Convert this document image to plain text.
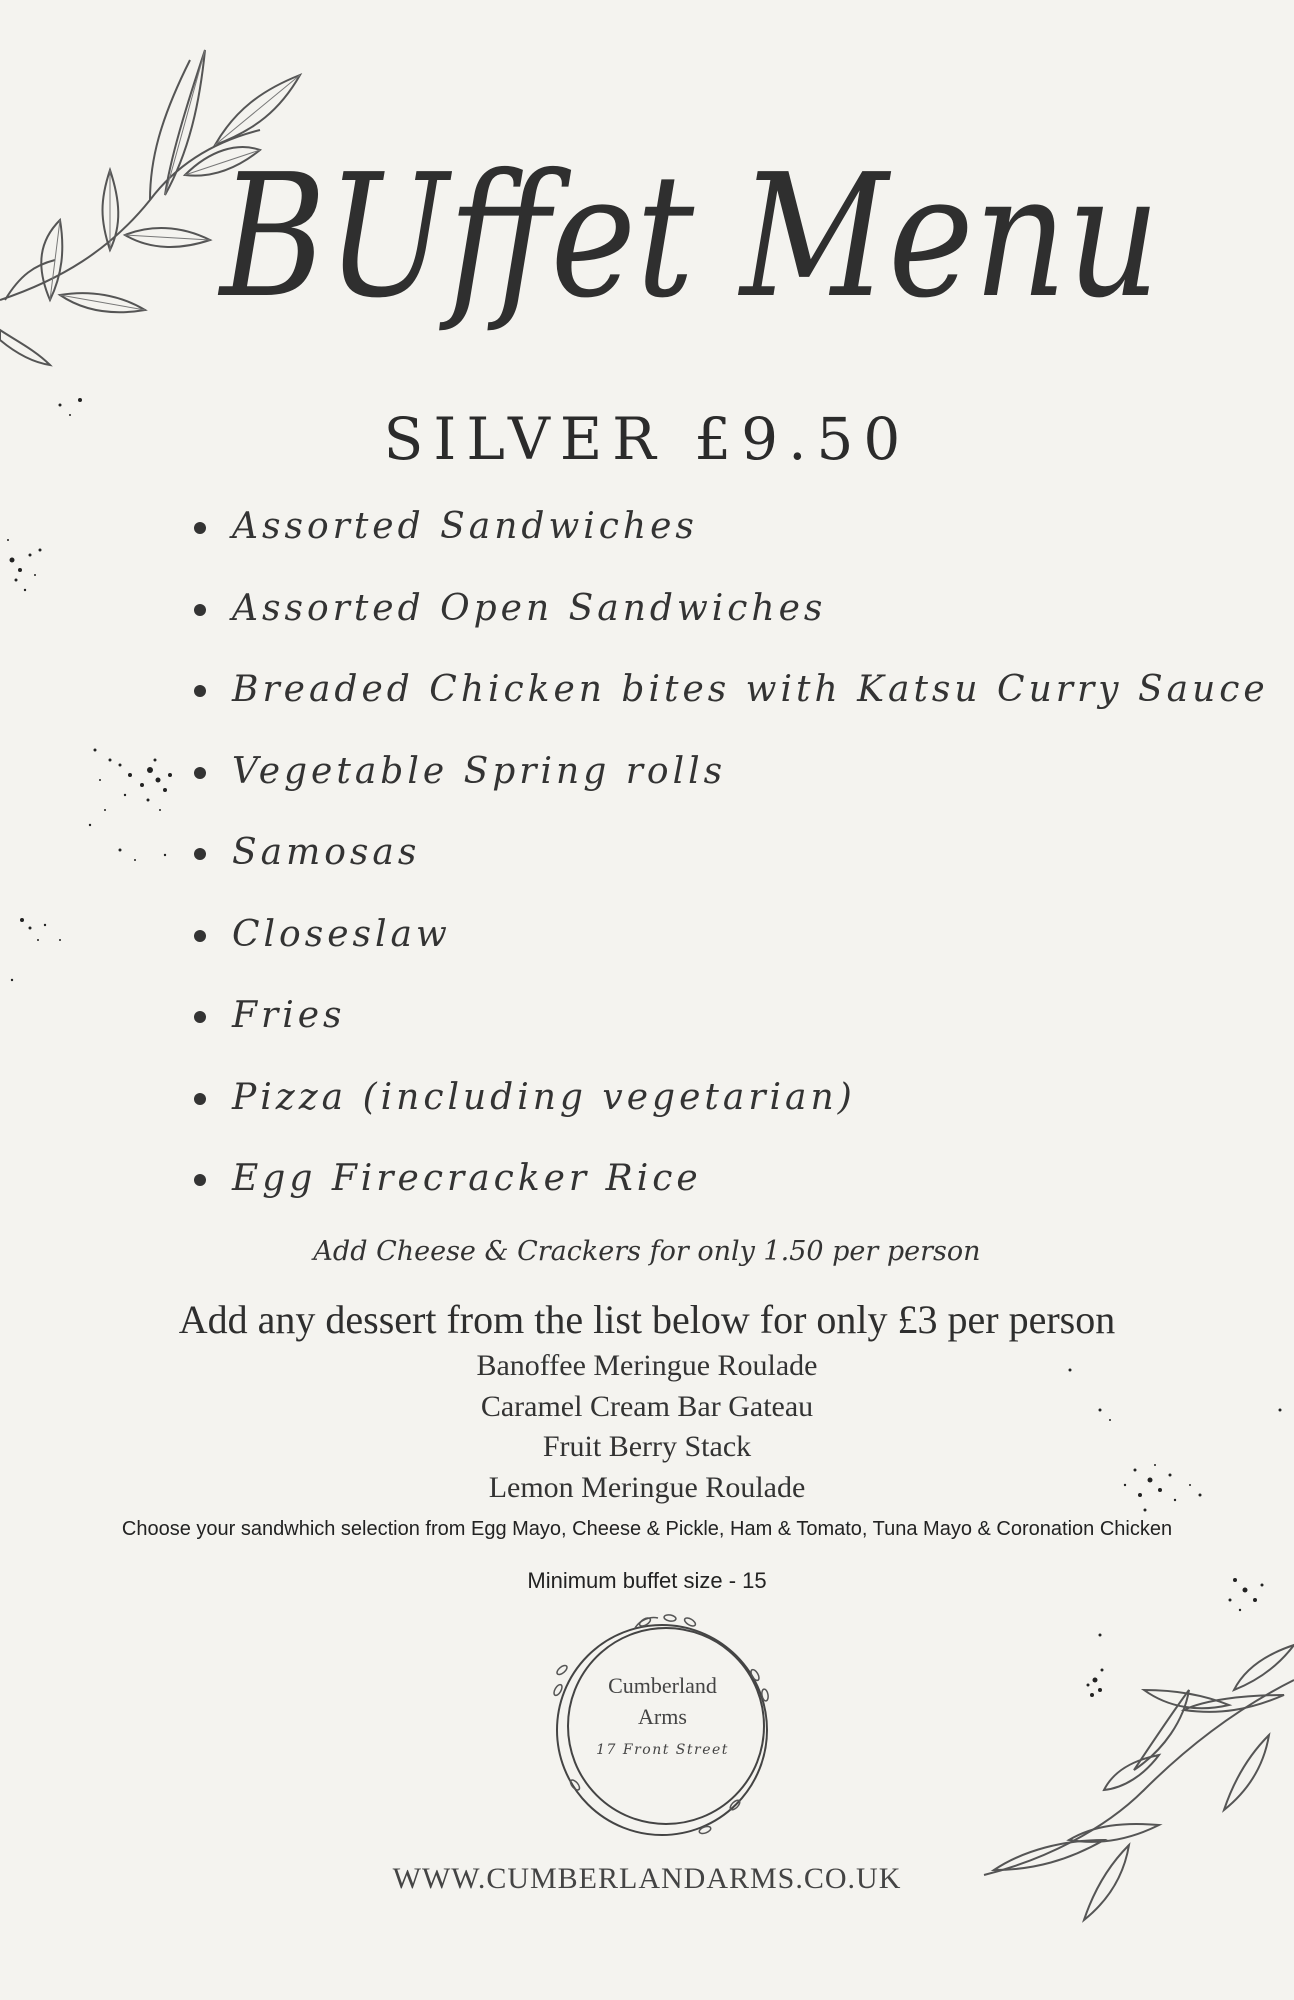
BUffet Menu
SILVER £9.50
Assorted Sandwiches
Assorted Open Sandwiches
Breaded Chicken bites with Katsu Curry Sauce
Vegetable Spring rolls
Samosas
Closeslaw
Fries
Pizza (including vegetarian)
Egg Firecracker Rice
Add Cheese & Crackers for only 1.50 per person
Add any dessert from the list below for only £3 per person
Banoffee Meringue Roulade
Caramel Cream Bar Gateau
Fruit Berry Stack
Lemon Meringue Roulade
Choose your sandwhich selection from Egg Mayo, Cheese & Pickle, Ham & Tomato, Tuna Mayo & Coronation Chicken
Minimum buffet size - 15
Cumberland
Arms
17 Front Street
WWW.CUMBERLANDARMS.CO.UK
